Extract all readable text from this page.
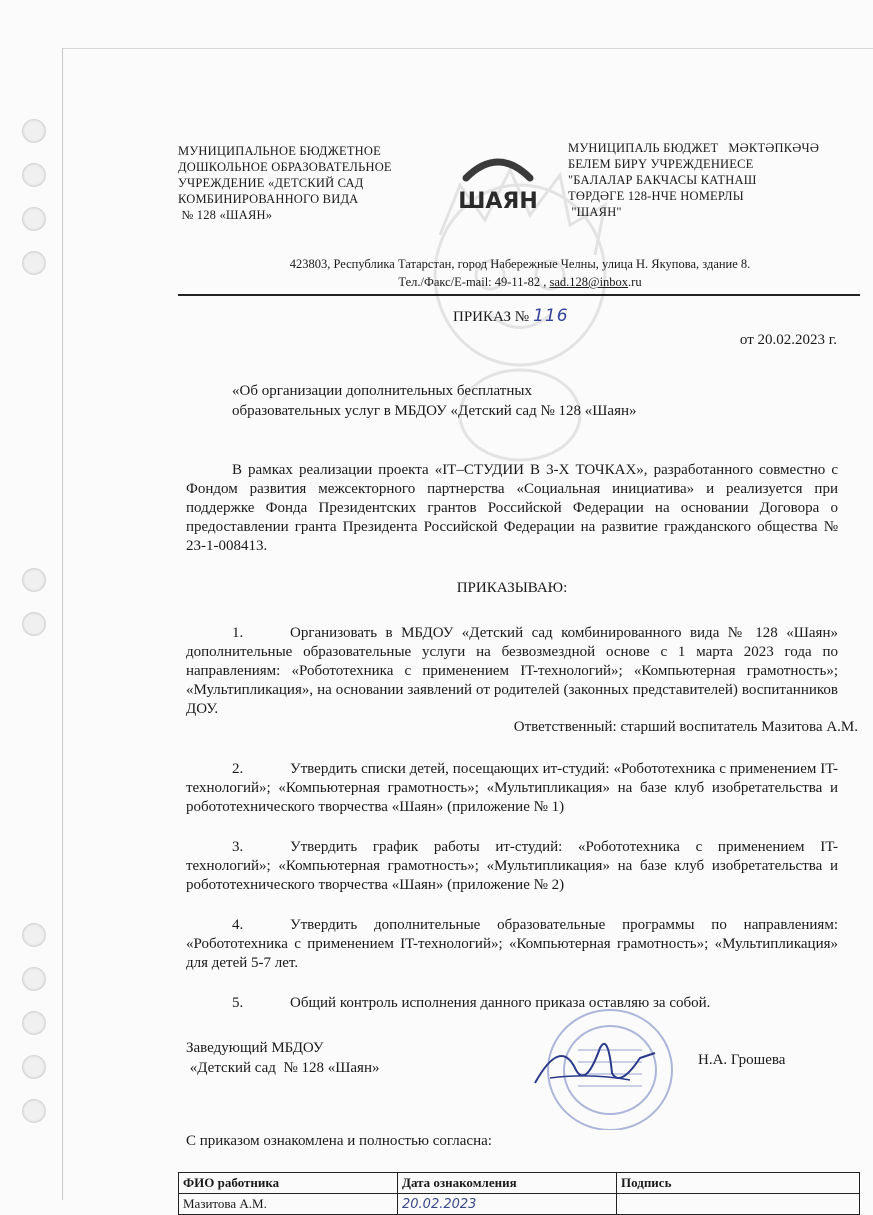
МУНИЦИПАЛЬНОЕ БЮДЖЕТНОЕ
ДОШКОЛЬНОЕ ОБРАЗОВАТЕЛЬНОЕ
УЧРЕЖДЕНИЕ «ДЕТСКИЙ САД
КОМБИНИРОВАННОГО ВИДА
№ 128 «ШАЯН»
ШАЯН
МУНИЦИПАЛЬ БЮДЖЕТ   МӘКТӘПКӘЧӘ
БЕЛЕМ БИРҮ УЧРЕЖДЕНИЕСЕ
"БАЛАЛАР БАКЧАСЫ КАТНАШ
ТӨРДӘГЕ 128-НЧЕ НОМЕРЛЫ
"ШАЯН"
423803, Республика Татарстан, город Набережные Челны, улица Н. Якупова, здание 8.
Тел./Факс/E-mail: 49-11-82 , sad.128@inbox.ru
ПРИКАЗ № 116
от 20.02.2023 г.
«Об организации дополнительных бесплатных
образовательных услуг в МБДОУ «Детский сад № 128 «Шаян»
В рамках реализации проекта «IT–СТУДИИ В 3-Х ТОЧКАХ», разработанного совместно с Фондом развития межсекторного партнерства «Социальная инициатива» и реализуется при поддержке Фонда Президентских грантов Российской Федерации на основании Договора о предоставлении гранта Президента Российской Федерации на развитие гражданского общества № 23-1-008413.
ПРИКАЗЫВАЮ:
1.	Организовать в МБДОУ «Детский сад комбинированного вида № 128 «Шаян» дополнительные образовательные услуги на безвозмездной основе с 1 марта 2023 года по направлениям: «Робототехника с применением IT-технологий»; «Компьютерная грамотность»; «Мультипликация», на основании заявлений от родителей (законных представителей) воспитанников ДОУ.
Ответственный: старший воспитатель Мазитова А.М.
2.	Утвердить списки детей, посещающих ит-студий: «Робототехника с применением IT-технологий»; «Компьютерная грамотность»; «Мультипликация» на базе клуб изобретательства и робототехнического творчества «Шаян» (приложение № 1)
3.	Утвердить график работы ит-студий: «Робототехника с применением IT-технологий»; «Компьютерная грамотность»; «Мультипликация» на базе клуб изобретательства и робототехнического творчества «Шаян» (приложение № 2)
4.	Утвердить дополнительные образовательные программы по направлениям: «Робототехника с применением IT-технологий»; «Компьютерная грамотность»; «Мультипликация» для детей 5-7 лет.
5.	Общий контроль исполнения данного приказа оставляю за собой.
Заведующий МБДОУ
«Детский сад  № 128 «Шаян»	Н.А. Грошева
С приказом ознакомлена и полностью согласна:
ФИО работника	Дата ознакомления	Подпись
Мазитова А.М.	20.02.2023	
